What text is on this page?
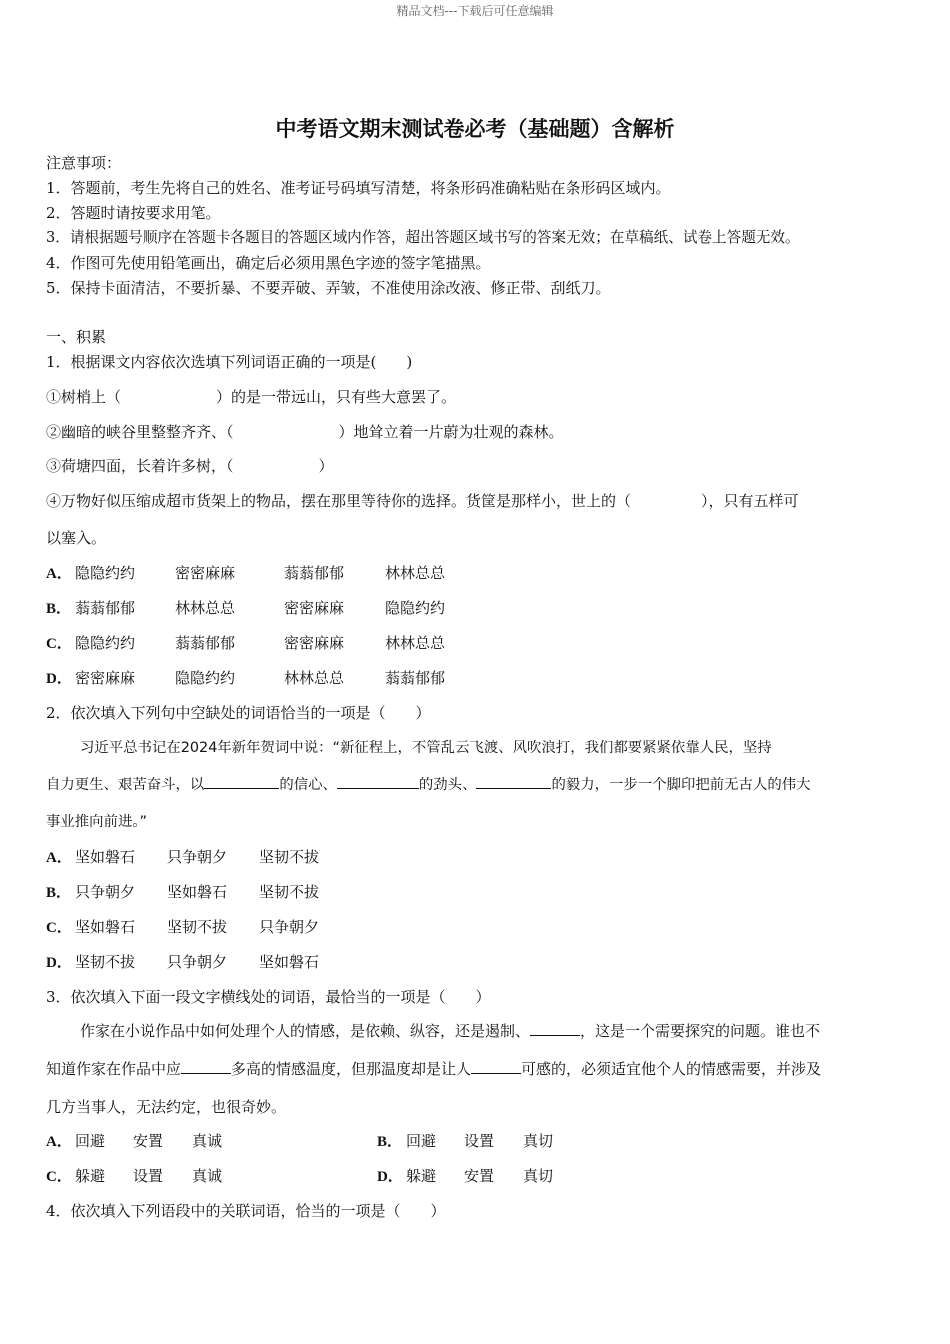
精品文档---下载后可任意编辑
中考语文期末测试卷必考（基础题）含解析
注意事项：
1．答题前，考生先将自己的姓名、准考证号码填写清楚，将条形码准确粘贴在条形码区域内。
2．答题时请按要求用笔。
3．请根据题号顺序在答题卡各题目的答题区域内作答，超出答题区域书写的答案无效；在草稿纸、试卷上答题无效。
4．作图可先使用铅笔画出，确定后必须用黑色字迹的签字笔描黑。
5．保持卡面清洁，不要折暴、不要弄破、弄皱，不准使用涂改液、修正带、刮纸刀。
一、积累
1．根据课文内容依次选填下列词语正确的一项是(　　)
①树梢上（	）的是一带远山，只有些大意罢了。
②幽暗的峡谷里整整齐齐、（	）地耸立着一片蔚为壮观的森林。
③荷塘四面，长着许多树，（	）
④万物好似压缩成超市货架上的物品，摆在那里等待你的选择。货筐是那样小，世上的（	），只有五样可
以塞入。
A． 隐隐约约	密密麻麻	蓊蓊郁郁	林林总总
B． 蓊蓊郁郁	林林总总	密密麻麻	隐隐约约
C． 隐隐约约	蓊蓊郁郁	密密麻麻	林林总总
D． 密密麻麻	隐隐约约	林林总总	蓊蓊郁郁
2．依次填入下列句中空缺处的词语恰当的一项是（　　）
习近平总书记在2024年新年贺词中说：“新征程上，不管乱云飞渡、风吹浪打，我们都要紧紧依靠人民，坚持
自力更生、艰苦奋斗，以	的信心、	的劲头、	的毅力，一步一个脚印把前无古人的伟大
事业推向前进。”
A． 坚如磐石 只争朝夕 坚韧不拔
B． 只争朝夕 坚如磐石 坚韧不拔
C． 坚如磐石 坚韧不拔 只争朝夕
D． 坚韧不拔 只争朝夕 坚如磐石
3．依次填入下面一段文字横线处的词语，最恰当的一项是（　　）
作家在小说作品中如何处理个人的情感，是依赖、纵容，还是遏制、	，这是一个需要探究的问题。谁也不
知道作家在作品中应	多高的情感温度，但那温度却是让人	可感的，必须适宜他个人的情感需要，并涉及
几方当事人，无法约定，也很奇妙。
A． 回避 安置 真诚	B． 回避 设置 真切
C． 躲避 设置 真诚	D． 躲避 安置 真切
4．依次填入下列语段中的关联词语，恰当的一项是（　　）
